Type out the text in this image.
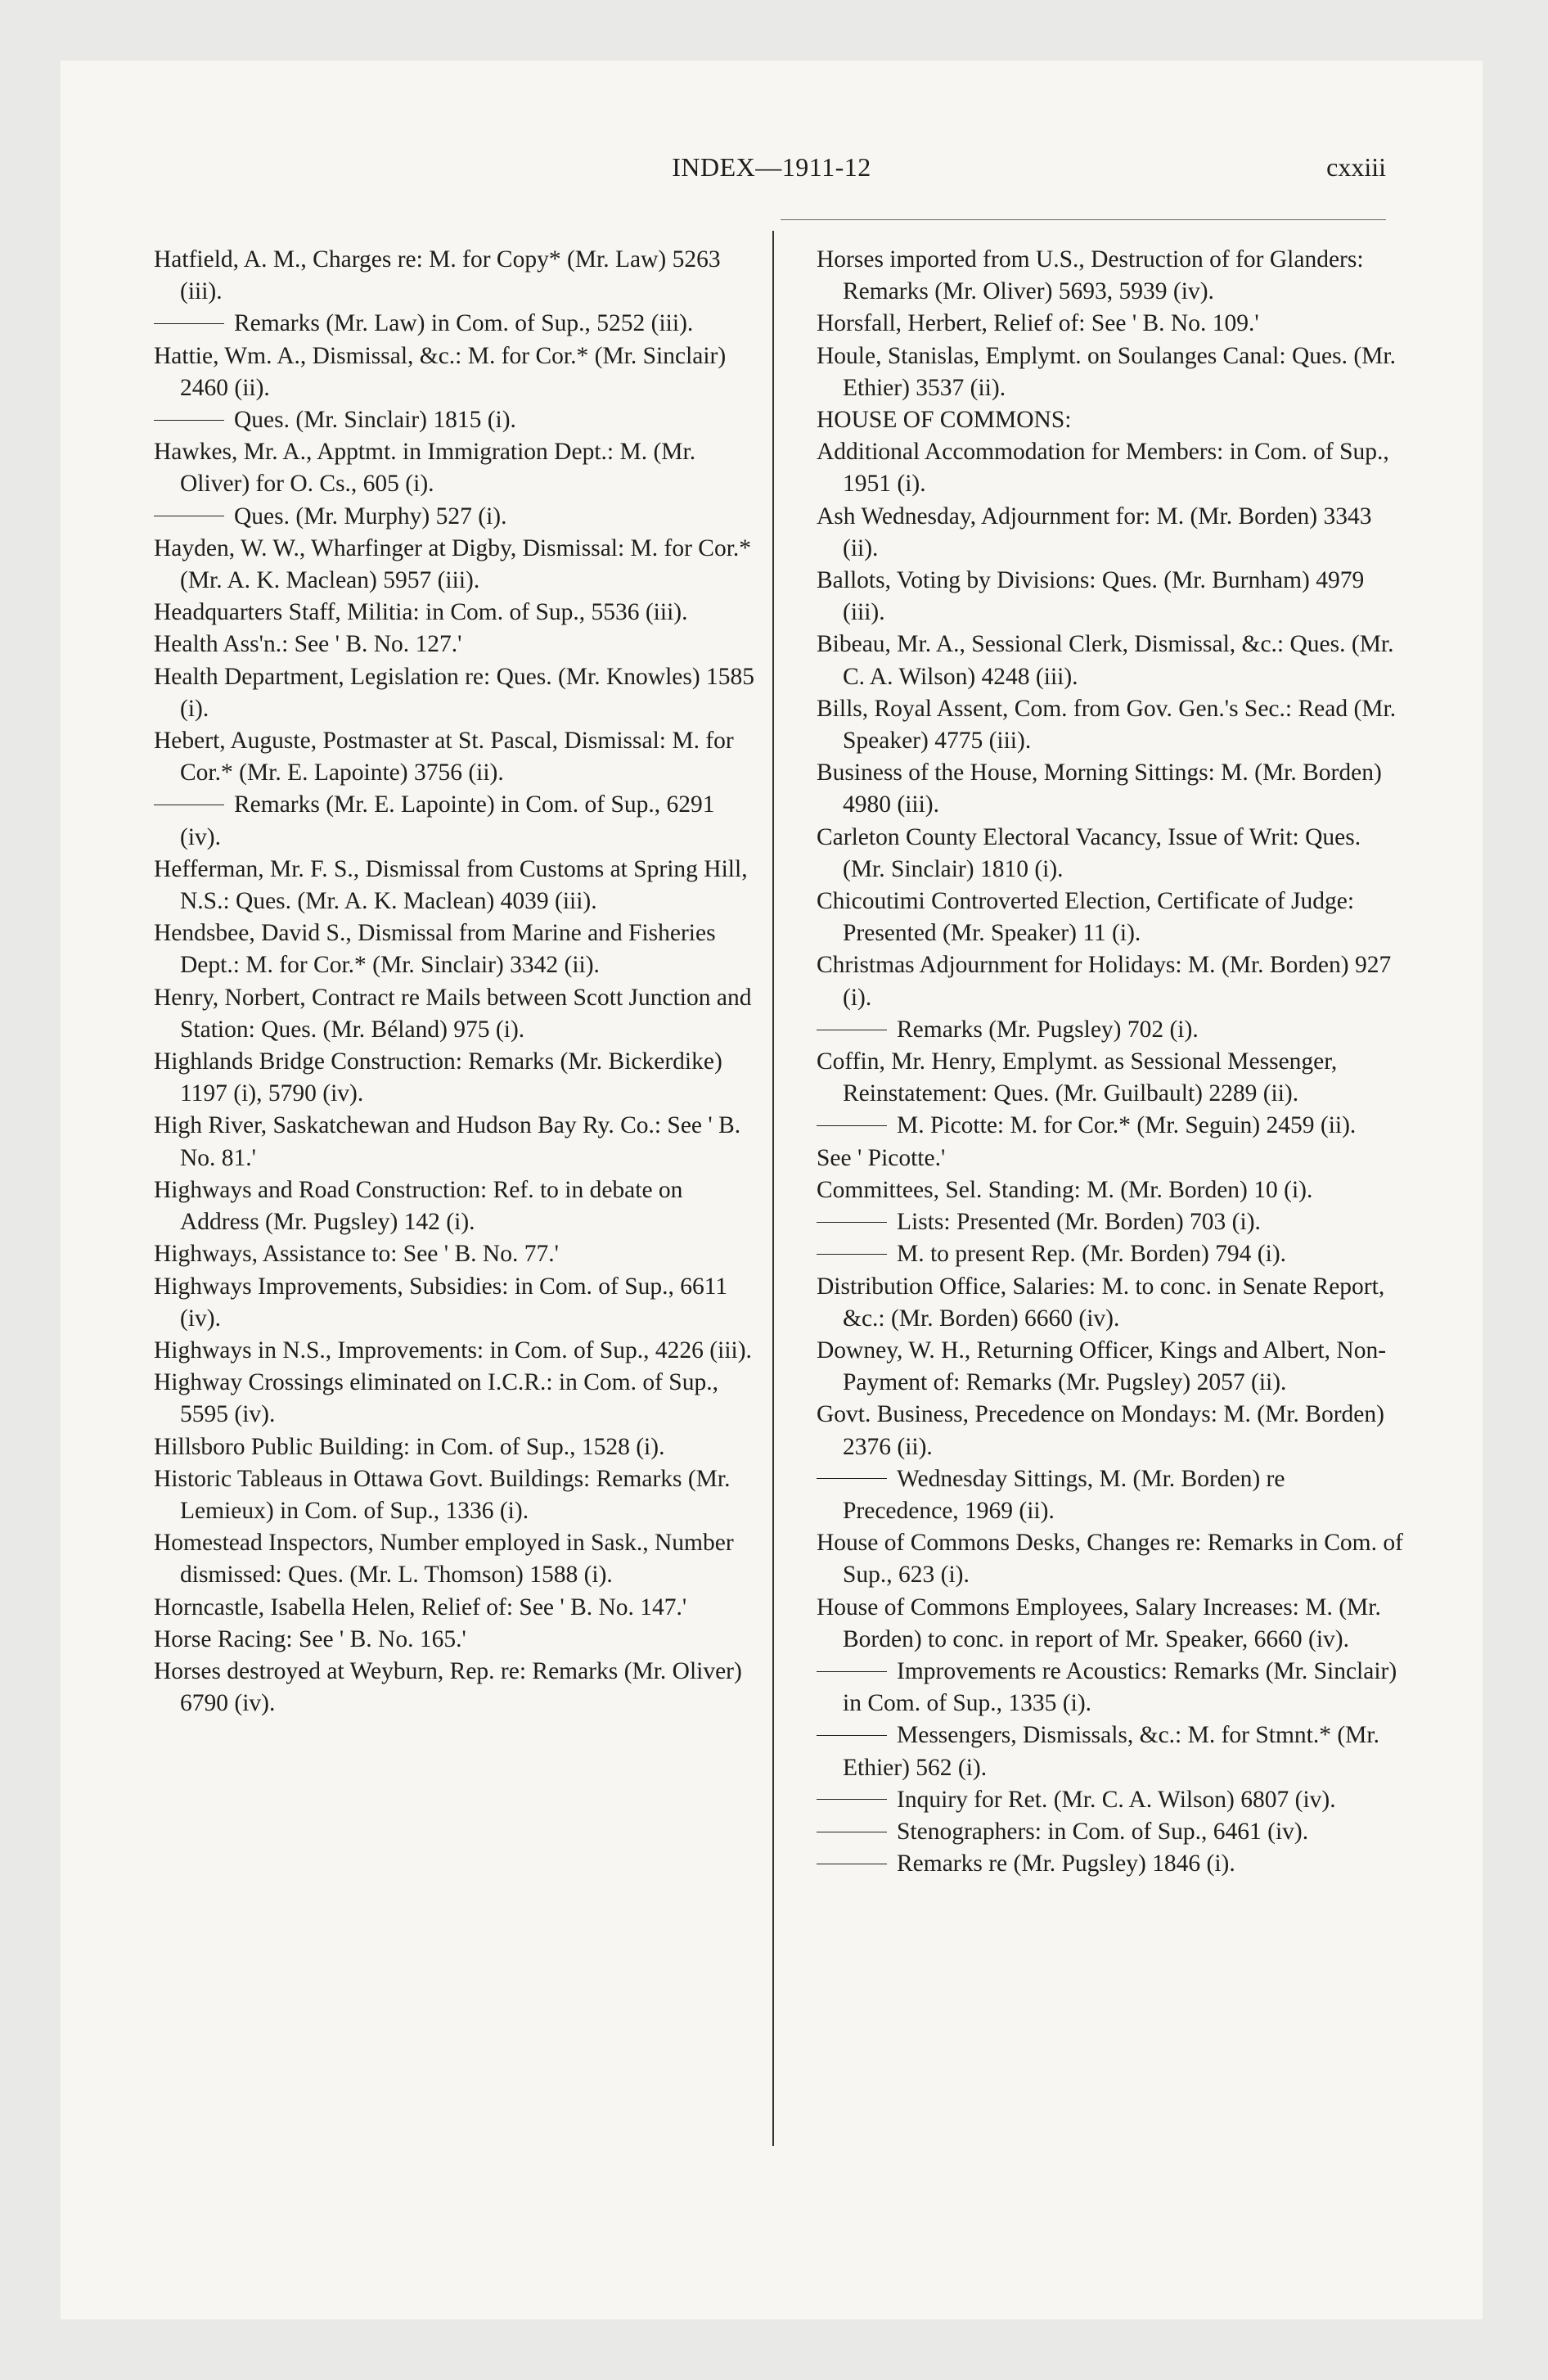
INDEX—1911-12	cxxiii

Hatfield, A. M., Charges re: M. for Copy* (Mr. Law) 5263 (iii).

Remarks (Mr. Law) in Com. of Sup., 5252 (iii).

Hattie, Wm. A., Dismissal, &c.: M. for Cor.* (Mr. Sinclair) 2460 (ii).

Ques. (Mr. Sinclair) 1815 (i).

Hawkes, Mr. A., Apptmt. in Immigration Dept.: M. (Mr. Oliver) for O. Cs., 605 (i).

Ques. (Mr. Murphy) 527 (i).

Hayden, W. W., Wharfinger at Digby, Dismissal: M. for Cor.* (Mr. A. K. Maclean) 5957 (iii).

Headquarters Staff, Militia: in Com. of Sup., 5536 (iii).

Health Ass'n.: See ' B. No. 127.'

Health Department, Legislation re: Ques. (Mr. Knowles) 1585 (i).

Hebert, Auguste, Postmaster at St. Pascal, Dismissal: M. for Cor.* (Mr. E. Lapointe) 3756 (ii).

Remarks (Mr. E. Lapointe) in Com. of Sup., 6291 (iv).

Hefferman, Mr. F. S., Dismissal from Customs at Spring Hill, N.S.: Ques. (Mr. A. K. Maclean) 4039 (iii).

Hendsbee, David S., Dismissal from Marine and Fisheries Dept.: M. for Cor.* (Mr. Sinclair) 3342 (ii).

Henry, Norbert, Contract re Mails between Scott Junction and Station: Ques. (Mr. Béland) 975 (i).

Highlands Bridge Construction: Remarks (Mr. Bickerdike) 1197 (i), 5790 (iv).

High River, Saskatchewan and Hudson Bay Ry. Co.: See ' B. No. 81.'

Highways and Road Construction: Ref. to in debate on Address (Mr. Pugsley) 142 (i).

Highways, Assistance to: See ' B. No. 77.'

Highways Improvements, Subsidies: in Com. of Sup., 6611 (iv).

Highways in N.S., Improvements: in Com. of Sup., 4226 (iii).

Highway Crossings eliminated on I.C.R.: in Com. of Sup., 5595 (iv).

Hillsboro Public Building: in Com. of Sup., 1528 (i).

Historic Tableaus in Ottawa Govt. Buildings: Remarks (Mr. Lemieux) in Com. of Sup., 1336 (i).

Homestead Inspectors, Number employed in Sask., Number dismissed: Ques. (Mr. L. Thomson) 1588 (i).

Horncastle, Isabella Helen, Relief of: See ' B. No. 147.'

Horse Racing: See ' B. No. 165.'

Horses destroyed at Weyburn, Rep. re: Remarks (Mr. Oliver) 6790 (iv).

Horses imported from U.S., Destruction of for Glanders: Remarks (Mr. Oliver) 5693, 5939 (iv).

Horsfall, Herbert, Relief of: See ' B. No. 109.'

Houle, Stanislas, Emplymt. on Soulanges Canal: Ques. (Mr. Ethier) 3537 (ii).

HOUSE OF COMMONS:

Additional Accommodation for Members: in Com. of Sup., 1951 (i).

Ash Wednesday, Adjournment for: M. (Mr. Borden) 3343 (ii).

Ballots, Voting by Divisions: Ques. (Mr. Burnham) 4979 (iii).

Bibeau, Mr. A., Sessional Clerk, Dismissal, &c.: Ques. (Mr. C. A. Wilson) 4248 (iii).

Bills, Royal Assent, Com. from Gov. Gen.'s Sec.: Read (Mr. Speaker) 4775 (iii).

Business of the House, Morning Sittings: M. (Mr. Borden) 4980 (iii).

Carleton County Electoral Vacancy, Issue of Writ: Ques. (Mr. Sinclair) 1810 (i).

Chicoutimi Controverted Election, Certificate of Judge: Presented (Mr. Speaker) 11 (i).

Christmas Adjournment for Holidays: M. (Mr. Borden) 927 (i).

Remarks (Mr. Pugsley) 702 (i).

Coffin, Mr. Henry, Emplymt. as Sessional Messenger, Reinstatement: Ques. (Mr. Guilbault) 2289 (ii).

M. Picotte: M. for Cor.* (Mr. Seguin) 2459 (ii).

See ' Picotte.'

Committees, Sel. Standing: M. (Mr. Borden) 10 (i).

Lists: Presented (Mr. Borden) 703 (i).

M. to present Rep. (Mr. Borden) 794 (i).

Distribution Office, Salaries: M. to conc. in Senate Report, &c.: (Mr. Borden) 6660 (iv).

Downey, W. H., Returning Officer, Kings and Albert, Non-Payment of: Remarks (Mr. Pugsley) 2057 (ii).

Govt. Business, Precedence on Mondays: M. (Mr. Borden) 2376 (ii).

Wednesday Sittings, M. (Mr. Borden) re Precedence, 1969 (ii).

House of Commons Desks, Changes re: Remarks in Com. of Sup., 623 (i).

House of Commons Employees, Salary Increases: M. (Mr. Borden) to conc. in report of Mr. Speaker, 6660 (iv).

Improvements re Acoustics: Remarks (Mr. Sinclair) in Com. of Sup., 1335 (i).

Messengers, Dismissals, &c.: M. for Stmnt.* (Mr. Ethier) 562 (i).

Inquiry for Ret. (Mr. C. A. Wilson) 6807 (iv).

Stenographers: in Com. of Sup., 6461 (iv).

Remarks re (Mr. Pugsley) 1846 (i).
